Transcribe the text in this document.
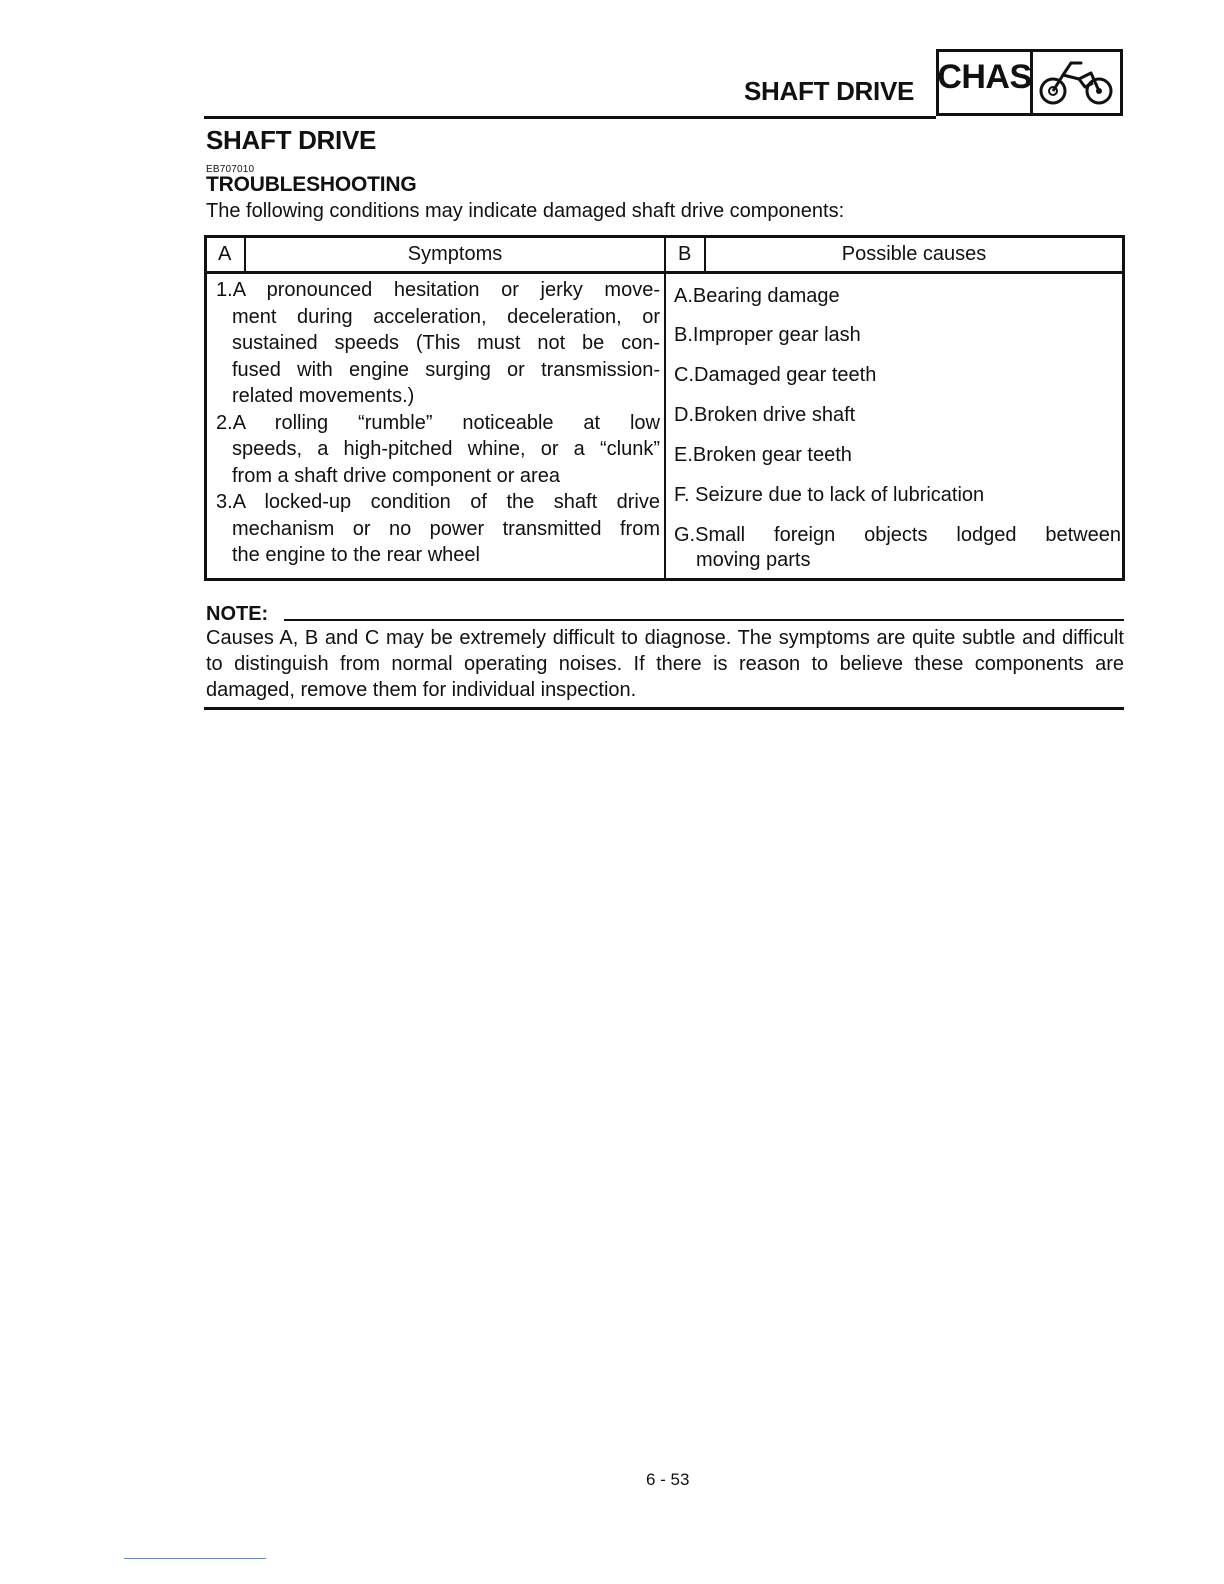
SHAFT DRIVE CHAS
SHAFT DRIVE
EB707010
TROUBLESHOOTING
The following conditions may indicate damaged shaft drive components:
A	Symptoms	B	Possible causes
1.A pronounced hesitation or jerky move-
ment during acceleration, deceleration, or
sustained speeds (This must not be con-
fused with engine surging or transmission-
related movements.)
2.A rolling “rumble” noticeable at low
speeds, a high-pitched whine, or a “clunk”
from a shaft drive component or area
3.A locked-up condition of the shaft drive
mechanism or no power transmitted from
the engine to the rear wheel
A.Bearing damage
B.Improper gear lash
C.Damaged gear teeth
D.Broken drive shaft
E.Broken gear teeth
F. Seizure due to lack of lubrication
G.Small foreign objects lodged between
moving parts
NOTE:
Causes A, B and C may be extremely difficult to diagnose. The symptoms are quite subtle and difficult to distinguish from normal operating noises. If there is reason to believe these components are damaged, remove them for individual inspection.
6 - 53
